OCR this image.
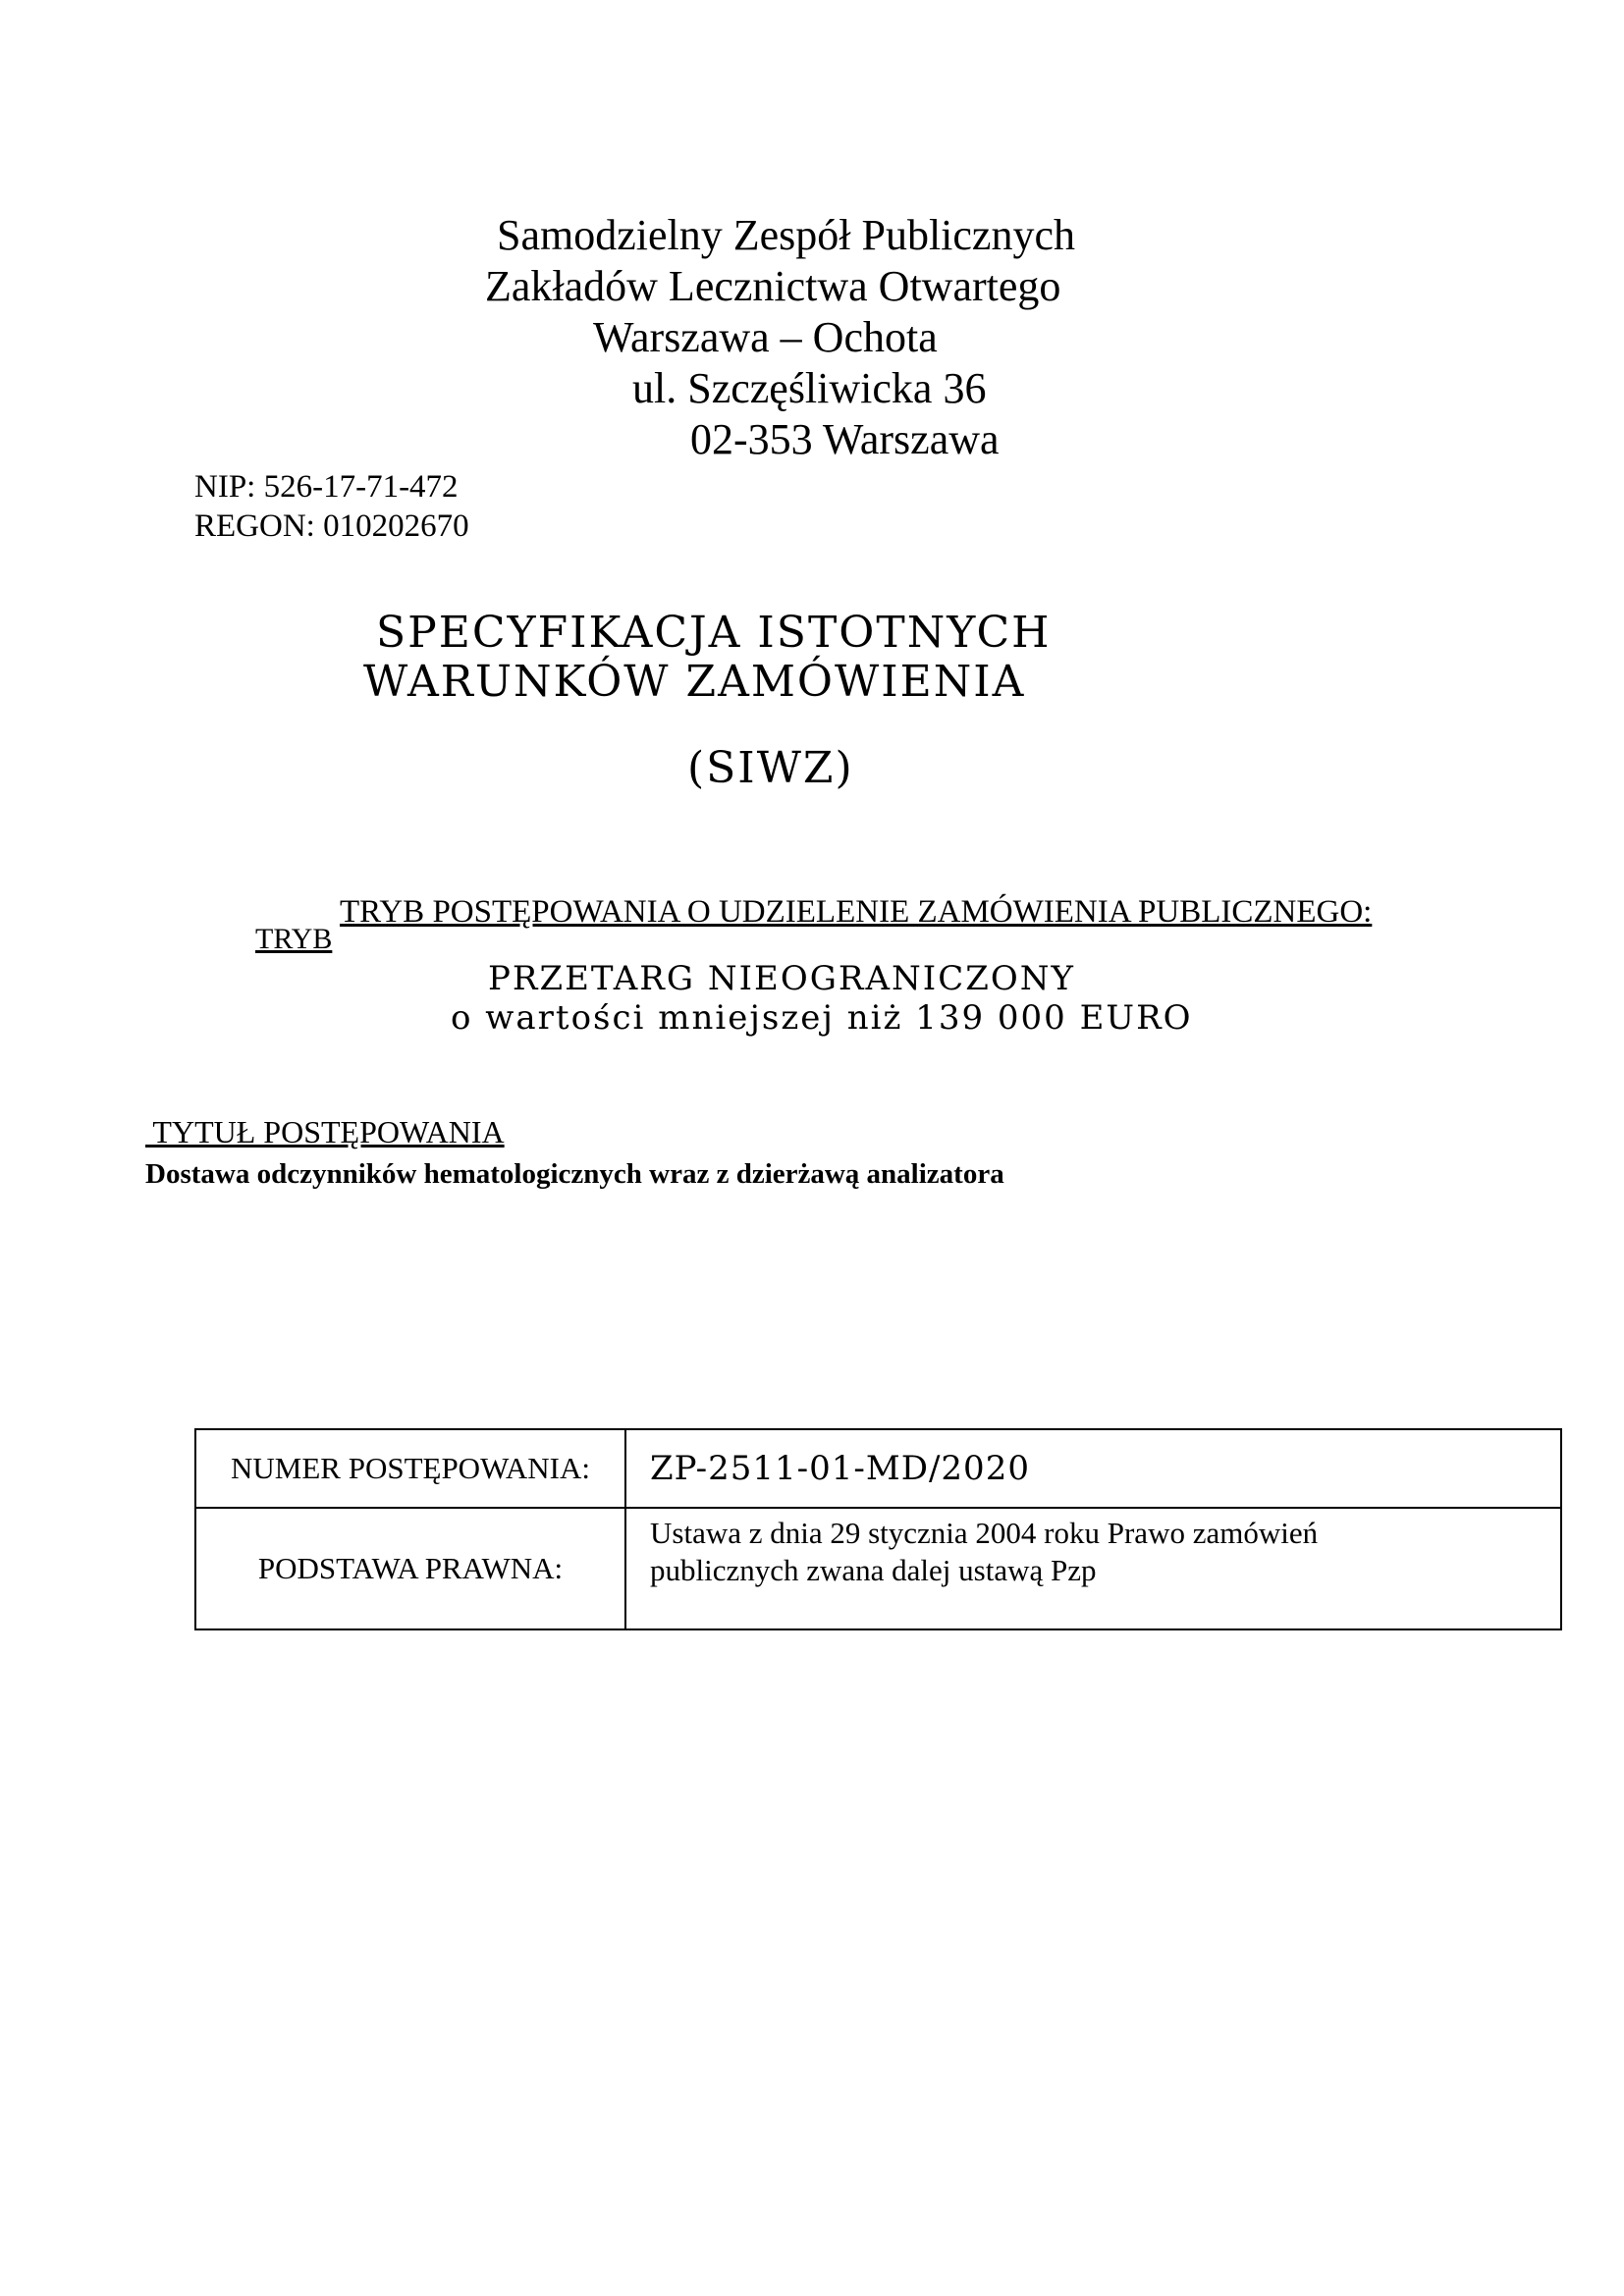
Samodzielny Zespół Publicznych
Zakładów Lecznictwa Otwartego
Warszawa – Ochota
ul. Szczęśliwicka 36
02-353 Warszawa
NIP: 526-17-71-472
REGON: 010202670
SPECYFIKACJA ISTOTNYCH
WARUNKÓW ZAMÓWIENIA
(SIWZ)
TRYB POSTĘPOWANIA O UDZIELENIE ZAMÓWIENIA PUBLICZNEGO:
TRYB
PRZETARG NIEOGRANICZONY
o wartości mniejszej niż 139 000 EURO
TYTUŁ POSTĘPOWANIA
Dostawa odczynników hematologicznych wraz z dzierżawą analizatora
NUMER POSTĘPOWANIA:	ZP-2511-01-MD/2020
PODSTAWA PRAWNA:	Ustawa z dnia 29 stycznia 2004 roku Prawo zamówień
publicznych zwana dalej ustawą Pzp
